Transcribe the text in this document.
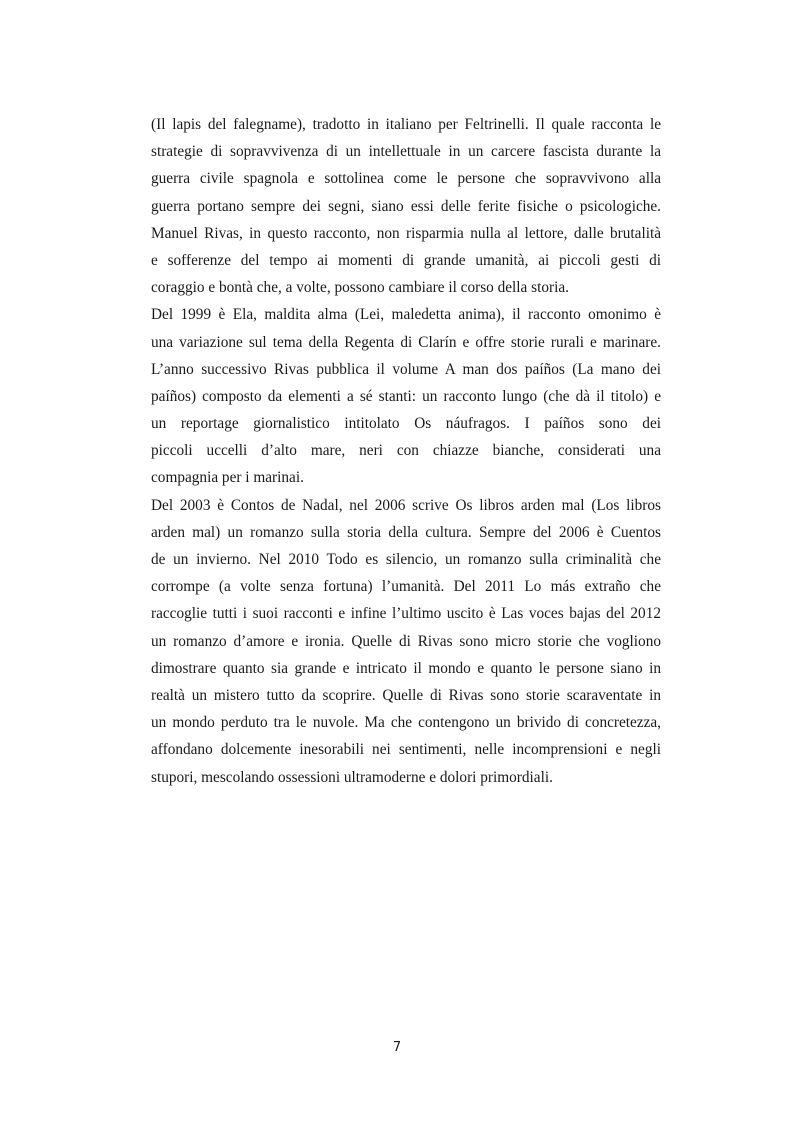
(Il lapis del falegname), tradotto in italiano per Feltrinelli. Il quale racconta le
strategie di sopravvivenza di un intellettuale in un carcere fascista durante la
guerra civile spagnola e sottolinea come le persone che sopravvivono alla
guerra portano sempre dei segni, siano essi delle ferite fisiche o psicologiche.
Manuel Rivas, in questo racconto, non risparmia nulla al lettore, dalle brutalità
e sofferenze del tempo ai momenti di grande umanità, ai piccoli gesti di
coraggio e bontà che, a volte, possono cambiare il corso della storia.
Del 1999 è Ela, maldita alma (Lei, maledetta anima), il racconto omonimo è
una variazione sul tema della Regenta di Clarín e offre storie rurali e marinare.
L’anno successivo Rivas pubblica il volume A man dos paíños (La mano dei
paíños) composto da elementi a sé stanti: un racconto lungo (che dà il titolo) e
un reportage giornalistico intitolato Os náufragos. I paíños sono dei
piccoli uccelli d’alto mare, neri con chiazze bianche, considerati una
compagnia per i marinai.
Del 2003 è Contos de Nadal, nel 2006 scrive Os libros arden mal (Los libros
arden mal) un romanzo sulla storia della cultura. Sempre del 2006 è Cuentos
de un invierno. Nel 2010 Todo es silencio, un romanzo sulla criminalità che
corrompe (a volte senza fortuna) l’umanità. Del 2011 Lo más extraño che
raccoglie tutti i suoi racconti e infine l’ultimo uscito è Las voces bajas del 2012
un romanzo d’amore e ironia. Quelle di Rivas sono micro storie che vogliono
dimostrare quanto sia grande e intricato il mondo e quanto le persone siano in
realtà un mistero tutto da scoprire. Quelle di Rivas sono storie scaraventate in
un mondo perduto tra le nuvole. Ma che contengono un brivido di concretezza,
affondano dolcemente inesorabili nei sentimenti, nelle incomprensioni e negli
stupori, mescolando ossessioni ultramoderne e dolori primordiali.
7
